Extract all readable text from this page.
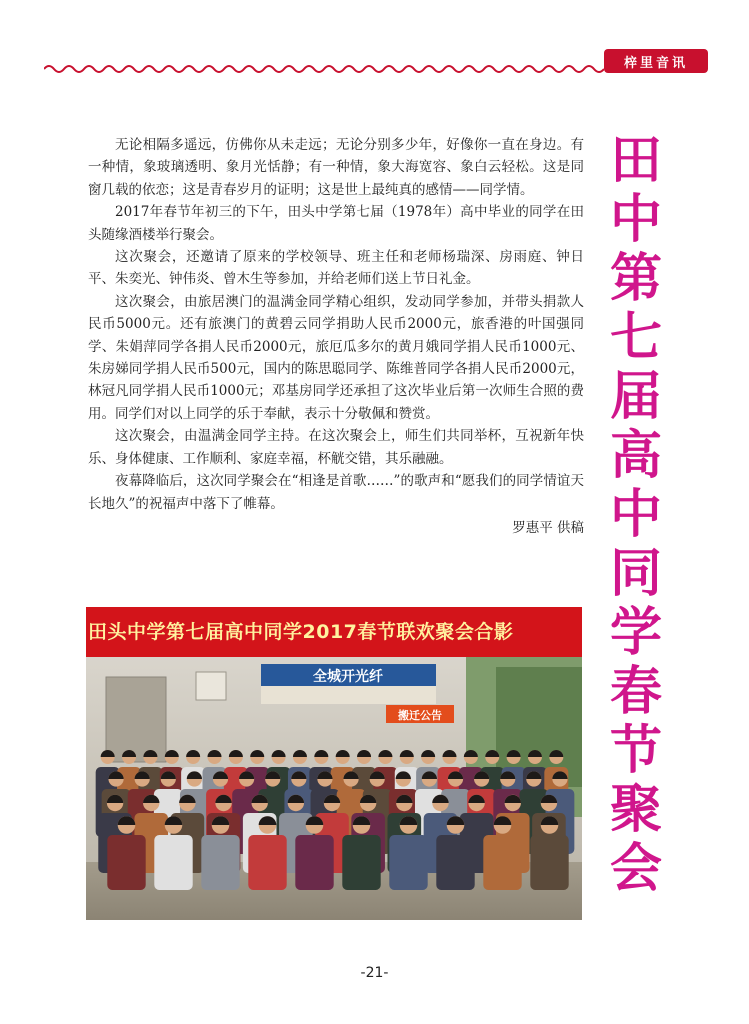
梓里音讯
田
中
第
七
届
高
中
同
学
春
节
聚
会

无论相隔多遥远，仿佛你从未走远；无论分别多少年，好像你一直在身边。有一种情，象玻璃透明、象月光恬静；有一种情，象大海宽容、象白云轻松。这是同窗几载的依恋；这是青春岁月的证明；这是世上最纯真的感情——同学情。

2017年春节年初三的下午，田头中学第七届（1978年）高中毕业的同学在田头随缘酒楼举行聚会。

这次聚会，还邀请了原来的学校领导、班主任和老师杨瑞深、房雨庭、钟日平、朱奕光、钟伟炎、曾木生等参加，并给老师们送上节日礼金。

这次聚会，由旅居澳门的温满金同学精心组织，发动同学参加，并带头捐款人民币5000元。还有旅澳门的黄碧云同学捐助人民币2000元，旅香港的叶国强同学、朱娟萍同学各捐人民币2000元，旅厄瓜多尔的黄月娥同学捐人民币1000元、朱房娣同学捐人民币500元，国内的陈思聪同学、陈维普同学各捐人民币2000元，林冠凡同学捐人民币1000元；邓基房同学还承担了这次毕业后第一次师生合照的费用。同学们对以上同学的乐于奉献，表示十分敬佩和赞赏。

这次聚会，由温满金同学主持。在这次聚会上，师生们共同举杯，互祝新年快乐、身体健康、工作顺利、家庭幸福，杯觥交错，其乐融融。

夜幕降临后，这次同学聚会在“相逢是首歌……”的歌声和“愿我们的同学情谊天长地久”的祝福声中落下了帷幕。

罗惠平 供稿

全城开光纤
搬迁公告
田头中学第七届高中同学2017春节联欢聚会合影
-21-
